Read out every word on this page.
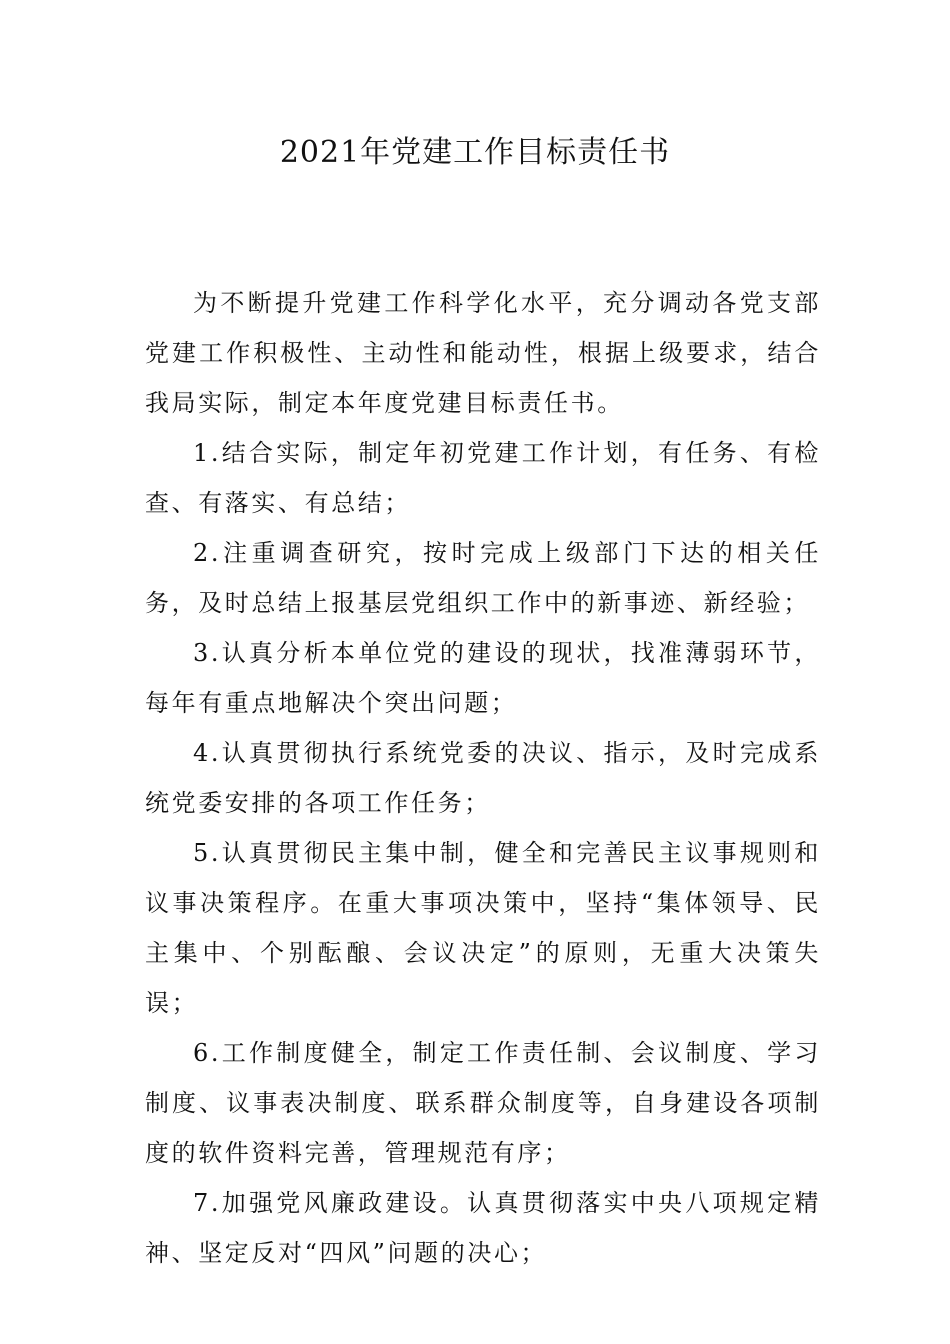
2021年党建工作目标责任书

为不断提升党建工作科学化水平，充分调动各党支部党建工作积极性、主动性和能动性，根据上级要求，结合我局实际，制定本年度党建目标责任书。

1.结合实际，制定年初党建工作计划，有任务、有检查、有落实、有总结；

2.注重调查研究，按时完成上级部门下达的相关任务，及时总结上报基层党组织工作中的新事迹、新经验；

3.认真分析本单位党的建设的现状，找准薄弱环节，每年有重点地解决个突出问题；

4.认真贯彻执行系统党委的决议、指示，及时完成系统党委安排的各项工作任务；

5.认真贯彻民主集中制，健全和完善民主议事规则和议事决策程序。在重大事项决策中，坚持“集体领导、民主集中、个别酝酿、会议决定”的原则，无重大决策失误；

6.工作制度健全，制定工作责任制、会议制度、学习制度、议事表决制度、联系群众制度等，自身建设各项制度的软件资料完善，管理规范有序；

7.加强党风廉政建设。认真贯彻落实中央八项规定精神、坚定反对“四风”问题的决心；
